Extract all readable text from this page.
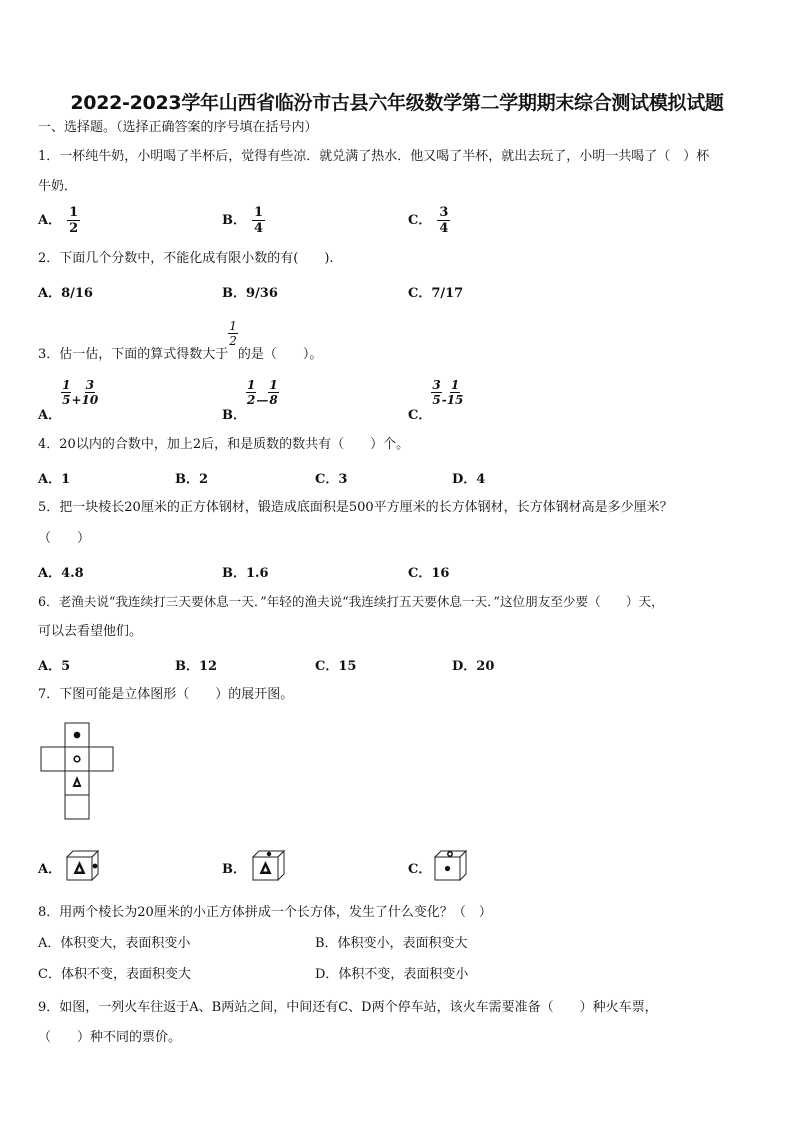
2022-2023学年山西省临汾市古县六年级数学第二学期期末综合测试模拟试题
一、选择题。（选择正确答案的序号填在括号内）
1．一杯纯牛奶，小明喝了半杯后，觉得有些凉．就兑满了热水．他又喝了半杯，就出去玩了，小明一共喝了（　）杯
牛奶．
A． $\frac{1}{2}$	B． $\frac{1}{4}$	C． $\frac{3}{4}$
2．下面几个分数中，不能化成有限小数的有(　　).
A．8/16	B．9/36	C．7/17
3．估一估，下面的算式得数大于
$\frac{1}{2}$
的是（　　）。
A．
$\frac{1}{5} + \frac{3}{10}$
B．
$\frac{1}{2}$ — $\frac{1}{8}$
C．
$\frac{3}{5} - \frac{1}{15}$
4．20以内的合数中，加上2后，和是质数的数共有（　　）个。
A．1	B．2	C．3	D．4
5．把一块棱长20厘米的正方体钢材，锻造成底面积是500平方厘米的长方体钢材，长方体钢材高是多少厘米？
（　　）
A．4.8	B．1.6	C．16
6．老渔夫说“我连续打三天要休息一天．”年轻的渔夫说“我连续打五天要休息一天．”这位朋友至少要（　　）天，
可以去看望他们。
A．5	B．12	C．15	D．20
7．下图可能是立体图形（　　）的展开图。
A．	B．	C．
8．用两个棱长为20厘米的小正方体拼成一个长方体，发生了什么变化？（　）
A．体积变大，表面积变小	B．体积变小，表面积变大
C．体积不变，表面积变大	D．体积不变，表面积变小
9．如图，一列火车往返于A、B两站之间，中间还有C、D两个停车站，该火车需要准备（　　）种火车票，
（　　）种不同的票价。
